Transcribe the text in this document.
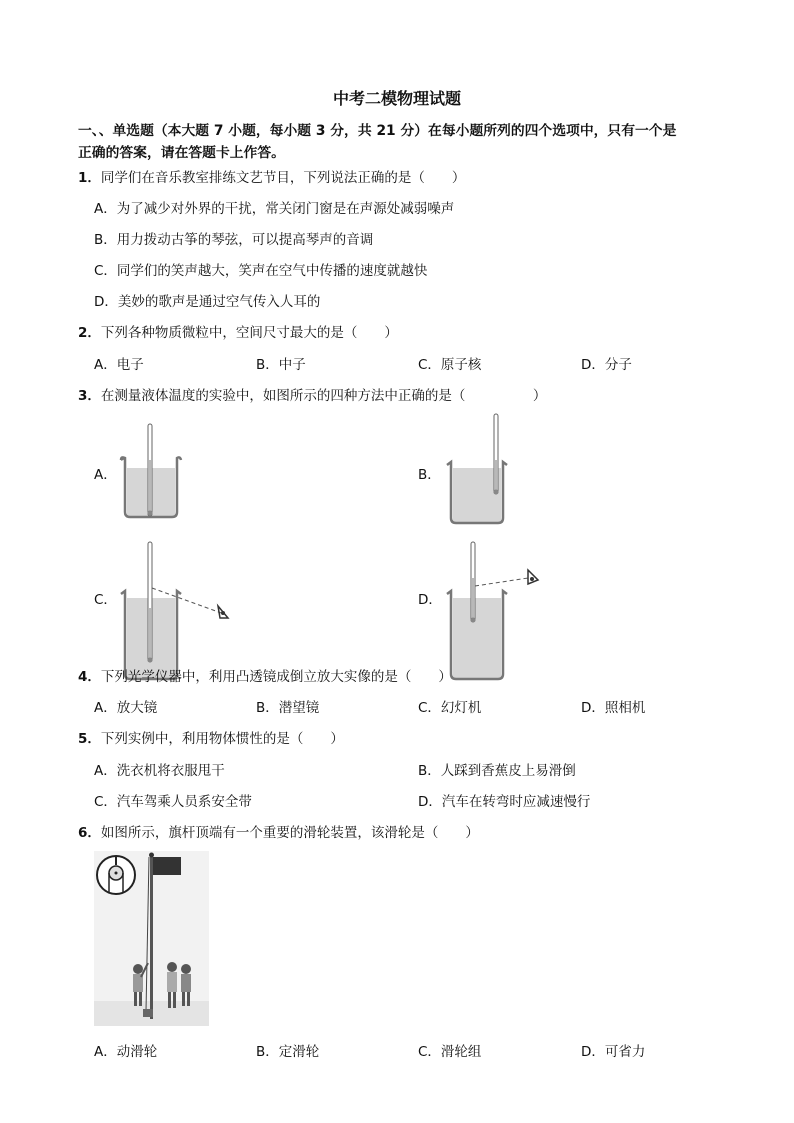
中考二模物理试题
一、、单选题（本大题 7 小题，每小题 3 分，共 21 分）在每小题所列的四个选项中，只有一个是
正确的答案，请在答题卡上作答。
1．同学们在音乐教室排练文艺节目，下列说法正确的是（　　）
A．为了减少对外界的干扰，常关闭门窗是在声源处减弱噪声
B．用力拨动古筝的琴弦，可以提高琴声的音调
C．同学们的笑声越大，笑声在空气中传播的速度就越快
D．美妙的歌声是通过空气传入人耳的
2．下列各种物质微粒中，空间尺寸最大的是（　　）
A．电子	B．中子	C．原子核	D．分子
3．在测量液体温度的实验中，如图所示的四种方法中正确的是（　　　　　）
A．	B．
C．	D．
4．下列光学仪器中，利用凸透镜成倒立放大实像的是（　　）
A．放大镜	B．潜望镜	C．幻灯机	D．照相机
5．下列实例中，利用物体惯性的是（　　）
A．洗衣机将衣服甩干	B．人踩到香蕉皮上易滑倒
C．汽车驾乘人员系安全带	D．汽车在转弯时应减速慢行
6．如图所示，旗杆顶端有一个重要的滑轮装置，该滑轮是（　　）
A．动滑轮	B．定滑轮	C．滑轮组	D．可省力
